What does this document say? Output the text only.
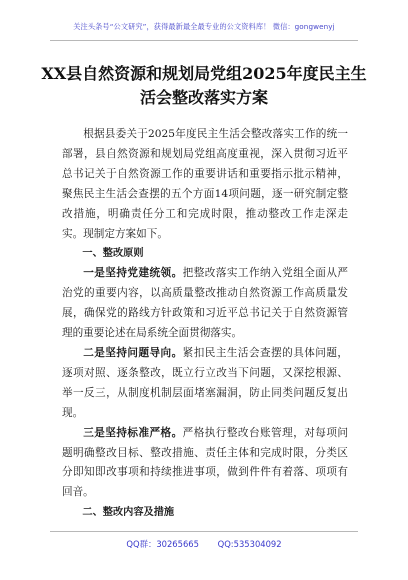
关注头条号“公文研究”，获得最新最全最专业的公文资料库！ 微信：gongwenyj
XX县自然资源和规划局党组2025年度民主生活会整改落实方案

根据县委关于2025年度民主生活会整改落实工作的统一部署，县自然资源和规划局党组高度重视，深入贯彻习近平总书记关于自然资源工作的重要讲话和重要指示批示精神，聚焦民主生活会查摆的五个方面14项问题，逐一研究制定整改措施，明确责任分工和完成时限，推动整改工作走深走实。现制定方案如下。

一、整改原则

一是坚持党建统领。把整改落实工作纳入党组全面从严治党的重要内容，以高质量整改推动自然资源工作高质量发展，确保党的路线方针政策和习近平总书记关于自然资源管理的重要论述在局系统全面贯彻落实。

二是坚持问题导向。紧扣民主生活会查摆的具体问题，逐项对照、逐条整改，既立行立改当下问题，又深挖根源、举一反三，从制度机制层面堵塞漏洞，防止同类问题反复出现。

三是坚持标准严格。严格执行整改台账管理，对每项问题明确整改目标、整改措施、责任主体和完成时限，分类区分即知即改事项和持续推进事项，做到件件有着落、项项有回音。

二、整改内容及措施

QQ群：30265665 QQ:535304092
